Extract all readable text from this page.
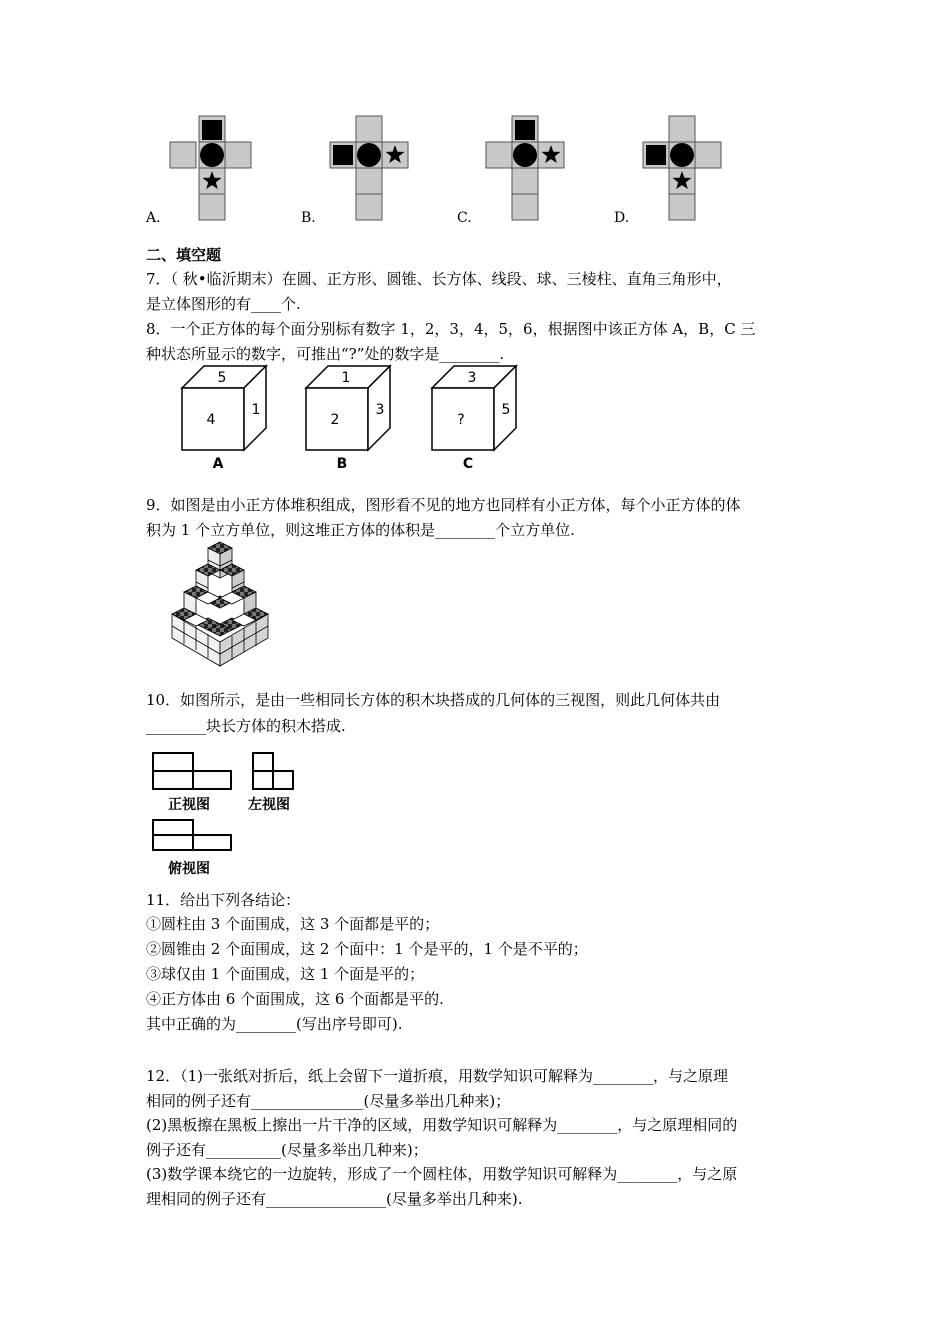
A.	B.	C.	D.
二、填空题
7．（ 秋•临沂期末）在圆、正方形、圆锥、长方体、线段、球、三棱柱、直角三角形中，
是立体图形的有____个.
8．一个正方体的每个面分别标有数字 1，2，3，4，5，6，根据图中该正方体 A，B，C 三
种状态所显示的数字，可推出“?”处的数字是________.
5
4
1
A
1
2
3
B
3
?
5
C
9．如图是由小正方体堆积组成，图形看不见的地方也同样有小正方体，每个小正方体的体
积为 1 个立方单位，则这堆正方体的体积是________个立方单位.
10．如图所示，是由一些相同长方体的积木块搭成的几何体的三视图，则此几何体共由
________块长方体的积木搭成.
正视图	左视图
俯视图
11．给出下列各结论：
①圆柱由 3 个面围成，这 3 个面都是平的；
②圆锥由 2 个面围成，这 2 个面中：1 个是平的，1 个是不平的；
③球仅由 1 个面围成，这 1 个面是平的；
④正方体由 6 个面围成，这 6 个面都是平的.
其中正确的为________(写出序号即可).
12．（1)一张纸对折后，纸上会留下一道折痕，用数学知识可解释为________，与之原理
相同的例子还有_______________(尽量多举出几种来)；
(2)黑板擦在黑板上擦出一片干净的区域，用数学知识可解释为________，与之原理相同的
例子还有__________(尽量多举出几种来)；
(3)数学课本绕它的一边旋转，形成了一个圆柱体，用数学知识可解释为________，与之原
理相同的例子还有________________(尽量多举出几种来).
